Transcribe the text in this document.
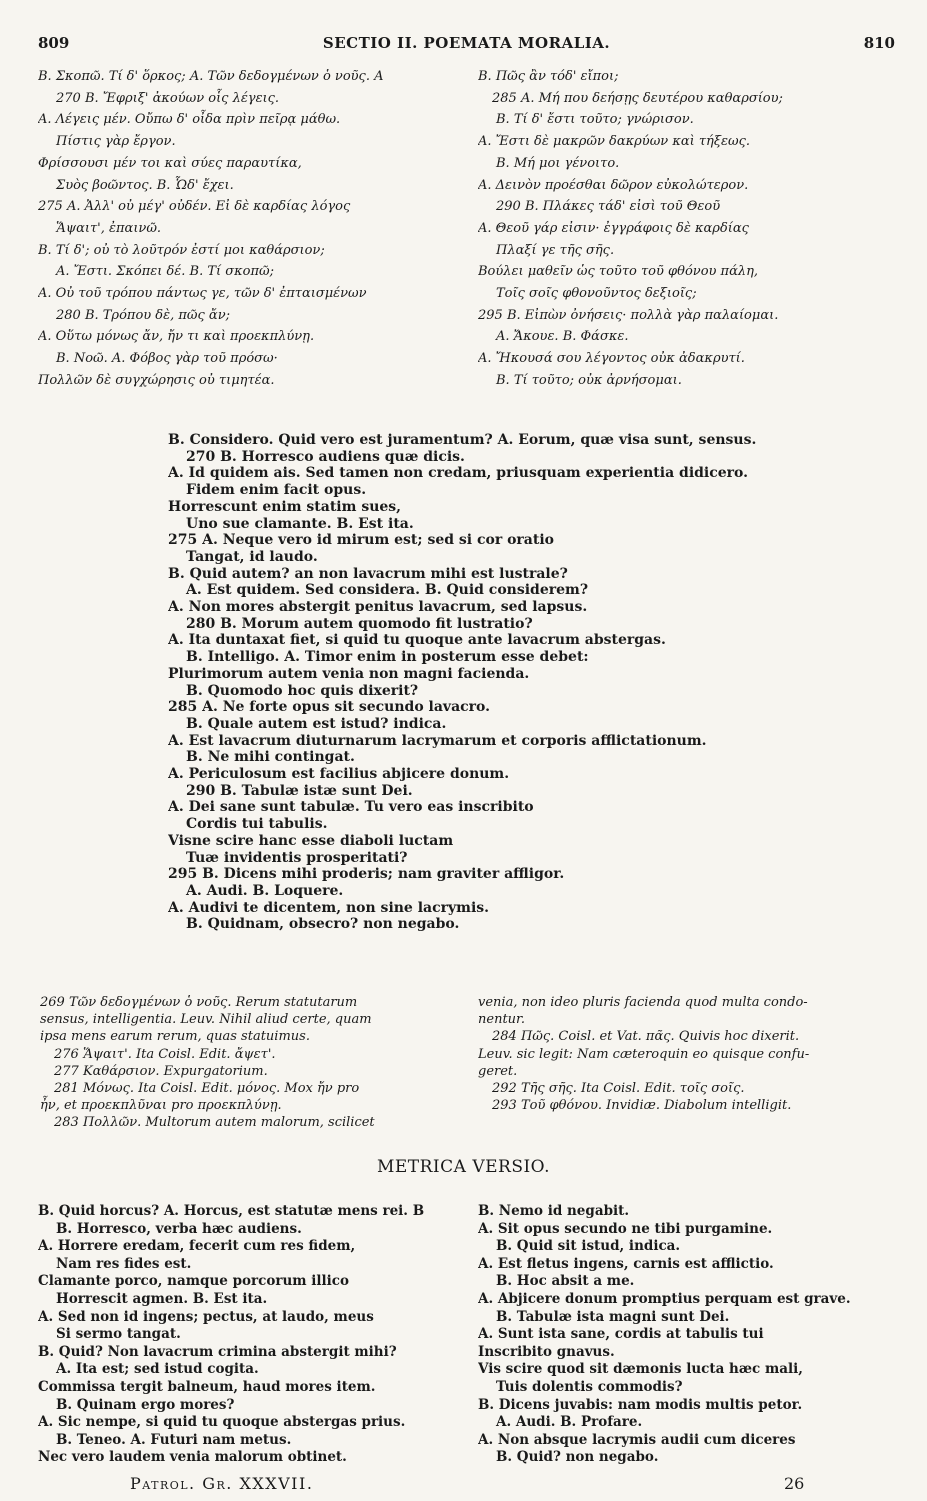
809	SECTIO II. POEMATA MORALIA.	810
B. Σκοπῶ. Τί δ' ὅρκος; A. Τῶν δεδογμένων ὁ νοῦς. A
270 B. Ἔφριξ' ἀκούων οἷς λέγεις.
A. Λέγεις μέν. Οὔπω δ' οἶδα πρὶν πεῖρᾳ μάθω.
Πίστις γὰρ ἔργον.
Φρίσσουσι μέν τοι καὶ σύες παραυτίκα,
Συὸς βοῶντος. B. Ὧδ' ἔχει.
275 A. Ἀλλ' οὐ μέγ' οὐδέν. Εἰ δὲ καρδίας λόγος
Ἅψαιτ', ἐπαινῶ.
B. Τί δ'; οὐ τὸ λοῦτρόν ἐστί μοι καθάρσιον;
A. Ἔστι. Σκόπει δέ. B. Τί σκοπῶ;
A. Οὐ τοῦ τρόπου πάντως γε, τῶν δ' ἐπταισμένων
280 B. Τρόπου δὲ, πῶς ἄν;
A. Οὕτω μόνως ἄν, ἤν τι καὶ προεκπλύνῃ.
B. Νοῶ. A. Φόβος γὰρ τοῦ πρόσω·
Πολλῶν δὲ συγχώρησις οὐ τιμητέα.
B. Πῶς ἂν τόδ' εἴποι;
285 A. Μή που δεήσῃς δευτέρου καθαρσίου;
B. Τί δ' ἔστι τοῦτο; γνώρισον.
A. Ἔστι δὲ μακρῶν δακρύων καὶ τήξεως.
B. Μή μοι γένοιτο.
A. Δεινὸν προέσθαι δῶρον εὐκολώτερον.
290 B. Πλάκες τάδ' εἰσὶ τοῦ Θεοῦ
A. Θεοῦ γάρ εἰσιν· ἐγγράφοις δὲ καρδίας
Πλαξί γε τῆς σῆς.
Βούλει μαθεῖν ὡς τοῦτο τοῦ φθόνου πάλη,
Τοῖς σοῖς φθονοῦντος δεξιοῖς;
295 B. Εἰπὼν ὀνήσεις· πολλὰ γὰρ παλαίομαι.
A. Ἄκουε. B. Φάσκε.
A. Ἤκουσά σου λέγοντος οὐκ ἀδακρυτί.
B. Τί τοῦτο; οὐκ ἀρνήσομαι.
B. Considero. Quid vero est juramentum? A. Eorum, quæ visa sunt, sensus.
270 B. Horresco audiens quæ dicis.
A. Id quidem ais. Sed tamen non credam, priusquam experientia didicero.
Fidem enim facit opus.
Horrescunt enim statim sues,
Uno sue clamante. B. Est ita.
275 A. Neque vero id mirum est; sed si cor oratio
Tangat, id laudo.
B. Quid autem? an non lavacrum mihi est lustrale?
A. Est quidem. Sed considera. B. Quid considerem?
A. Non mores abstergit penitus lavacrum, sed lapsus.
280 B. Morum autem quomodo fit lustratio?
A. Ita duntaxat fiet, si quid tu quoque ante lavacrum abstergas.
B. Intelligo. A. Timor enim in posterum esse debet:
Plurimorum autem venia non magni facienda.
B. Quomodo hoc quis dixerit?
285 A. Ne forte opus sit secundo lavacro.
B. Quale autem est istud? indica.
A. Est lavacrum diuturnarum lacrymarum et corporis afflictationum.
B. Ne mihi contingat.
A. Periculosum est facilius abjicere donum.
290 B. Tabulæ istæ sunt Dei.
A. Dei sane sunt tabulæ. Tu vero eas inscribito
Cordis tui tabulis.
Visne scire hanc esse diaboli luctam
Tuæ invidentis prosperitati?
295 B. Dicens mihi proderis; nam graviter affligor.
A. Audi. B. Loquere.
A. Audivi te dicentem, non sine lacrymis.
B. Quidnam, obsecro? non negabo.
269 Τῶν δεδογμένων ὁ νοῦς. Rerum statutarum
sensus, intelligentia. Leuv. Nihil aliud certe, quam
ipsa mens earum rerum, quas statuimus.
276 Ἅψαιτ'. Ita Coisl. Edit. ἄψετ'.
277 Καθάρσιον. Expurgatorium.
281 Μόνως. Ita Coisl. Edit. μόνος. Mox ἤν pro
ἦν, et προεκπλῦναι pro προεκπλύνῃ.
283 Πολλῶν. Multorum autem malorum, scilicet
venia, non ideo pluris facienda quod multa condo-
nentur.
284 Πῶς. Coisl. et Vat. πᾶς. Quivis hoc dixerit.
Leuv. sic legit: Nam cæteroquin eo quisque confu-
geret.
292 Τῆς σῆς. Ita Coisl. Edit. τοῖς σοῖς.
293 Τοῦ φθόνου. Invidiæ. Diabolum intelligit.
METRICA VERSIO.
B. Quid horcus? A. Horcus, est statutæ mens rei. B
B. Horresco, verba hæc audiens.
A. Horrere eredam, fecerit cum res fidem,
Nam res fides est.
Clamante porco, namque porcorum illico
Horrescit agmen. B. Est ita.
A. Sed non id ingens; pectus, at laudo, meus
Si sermo tangat.
B. Quid? Non lavacrum crimina abstergit mihi?
A. Ita est; sed istud cogita.
Commissa tergit balneum, haud mores item.
B. Quinam ergo mores?
A. Sic nempe, si quid tu quoque abstergas prius.
B. Teneo. A. Futuri nam metus.
Nec vero laudem venia malorum obtinet.
B. Nemo id negabit.
A. Sit opus secundo ne tibi purgamine.
B. Quid sit istud, indica.
A. Est fletus ingens, carnis est afflictio.
B. Hoc absit a me.
A. Abjicere donum promptius perquam est grave.
B. Tabulæ ista magni sunt Dei.
A. Sunt ista sane, cordis at tabulis tui
Inscribito gnavus.
Vis scire quod sit dæmonis lucta hæc mali,
Tuis dolentis commodis?
B. Dicens juvabis: nam modis multis petor.
A. Audi. B. Profare.
A. Non absque lacrymis audii cum diceres
B. Quid? non negabo.
Patrol. Gr. XXXVII.	26
